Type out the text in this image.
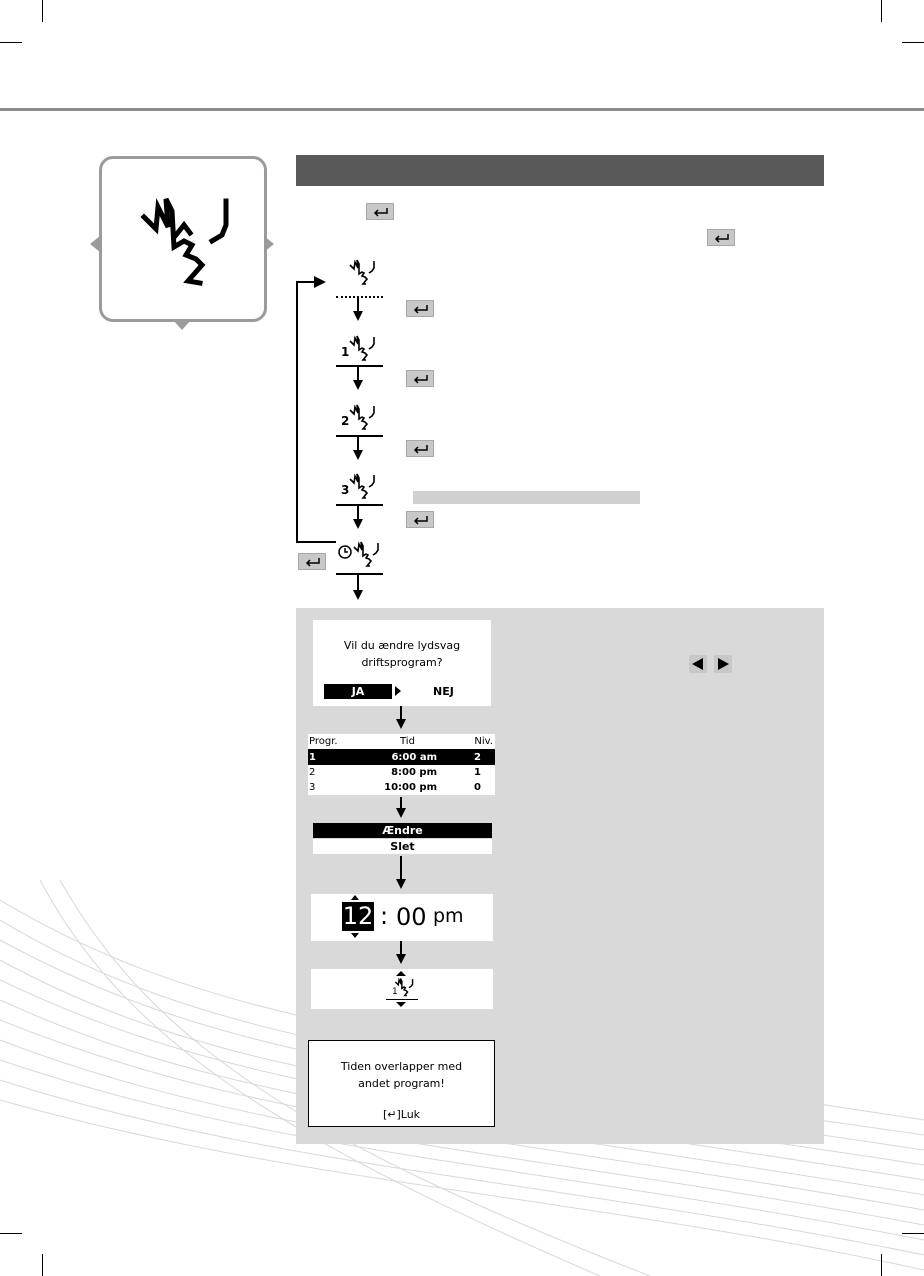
1
2
3
Vil du ændre lydsvag
driftsprogram?
JA	NEJ
Progr.	Tid	Niv.
1	6:00 am	2
2	8:00 pm	1
3	10:00 pm	0
Ændre
Slet
12 : 00 pm
1
Tiden overlapper med
andet program!
[↵]Luk
